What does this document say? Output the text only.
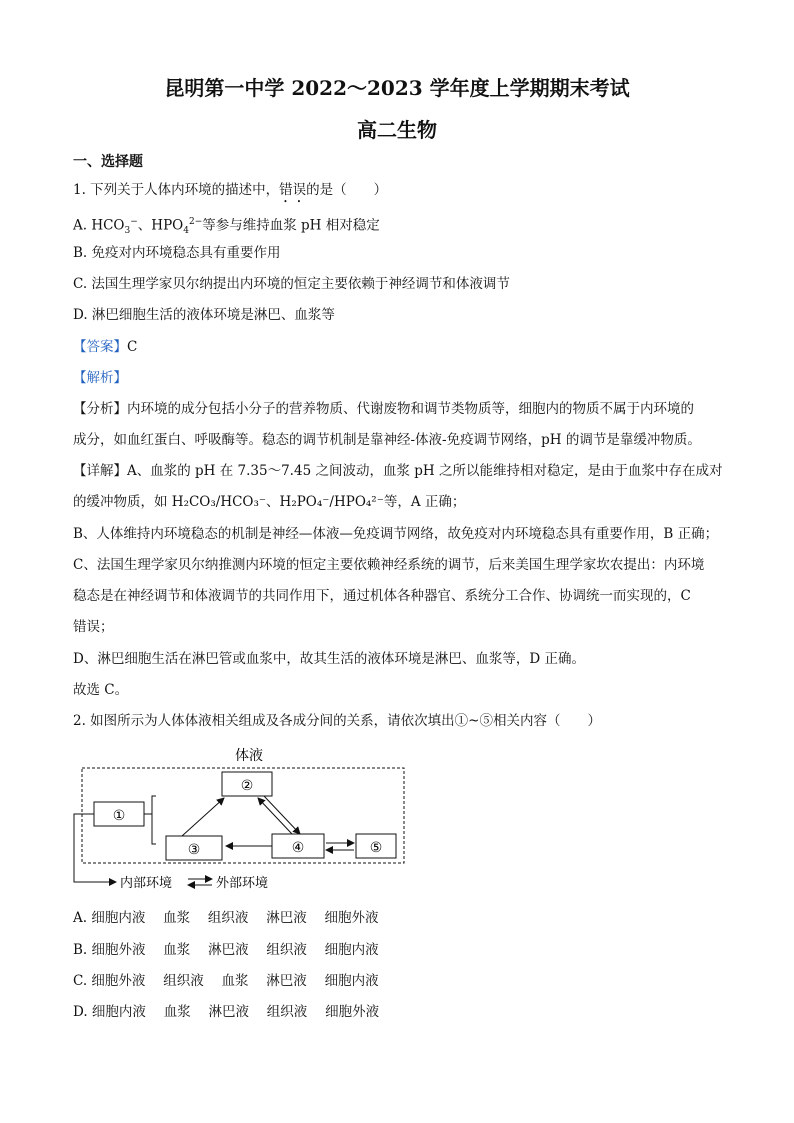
昆明第一中学 2022～2023 学年度上学期期末考试
高二生物
一、选择题
1. 下列关于人体内环境的描述中，错误的是（　　）
A. $HCO_3^-$、$HPO_4^{2-}$等参与维持血浆 pH 相对稳定
B. 免疫对内环境稳态具有重要作用
C. 法国生理学家贝尔纳提出内环境的恒定主要依赖于神经调节和体液调节
D. 淋巴细胞生活的液体环境是淋巴、血浆等
【答案】C
【解析】
【分析】内环境的成分包括小分子的营养物质、代谢废物和调节类物质等，细胞内的物质不属于内环境的
成分，如血红蛋白、呼吸酶等。稳态的调节机制是靠神经-体液-免疫调节网络，pH 的调节是靠缓冲物质。
【详解】A、血浆的 pH 在 7.35～7.45 之间波动，血浆 pH 之所以能维持相对稳定，是由于血浆中存在成对
的缓冲物质，如 H₂CO₃/HCO₃⁻、H₂PO₄⁻/HPO₄²⁻等，A 正确；
B、人体维持内环境稳态的机制是神经—体液—免疫调节网络，故免疫对内环境稳态具有重要作用，B 正确；
C、法国生理学家贝尔纳推测内环境的恒定主要依赖神经系统的调节，后来美国生理学家坎农提出：内环境
稳态是在神经调节和体液调节的共同作用下，通过机体各种器官、系统分工合作、协调统一而实现的，C
错误；
D、淋巴细胞生活在淋巴管或血浆中，故其生活的液体环境是淋巴、血浆等，D 正确。
故选 C。
2. 如图所示为人体体液相关组成及各成分间的关系，请依次填出①~⑤相关内容（　　）
体液
①
②
③	④	⑤
内部环境	外部环境
A. 细胞内液　 血浆　 组织液　 淋巴液　 细胞外液
B. 细胞外液　 血浆　 淋巴液　 组织液　 细胞内液
C. 细胞外液　 组织液　 血浆　 淋巴液　 细胞内液
D. 细胞内液　 血浆　 淋巴液　 组织液　 细胞外液
